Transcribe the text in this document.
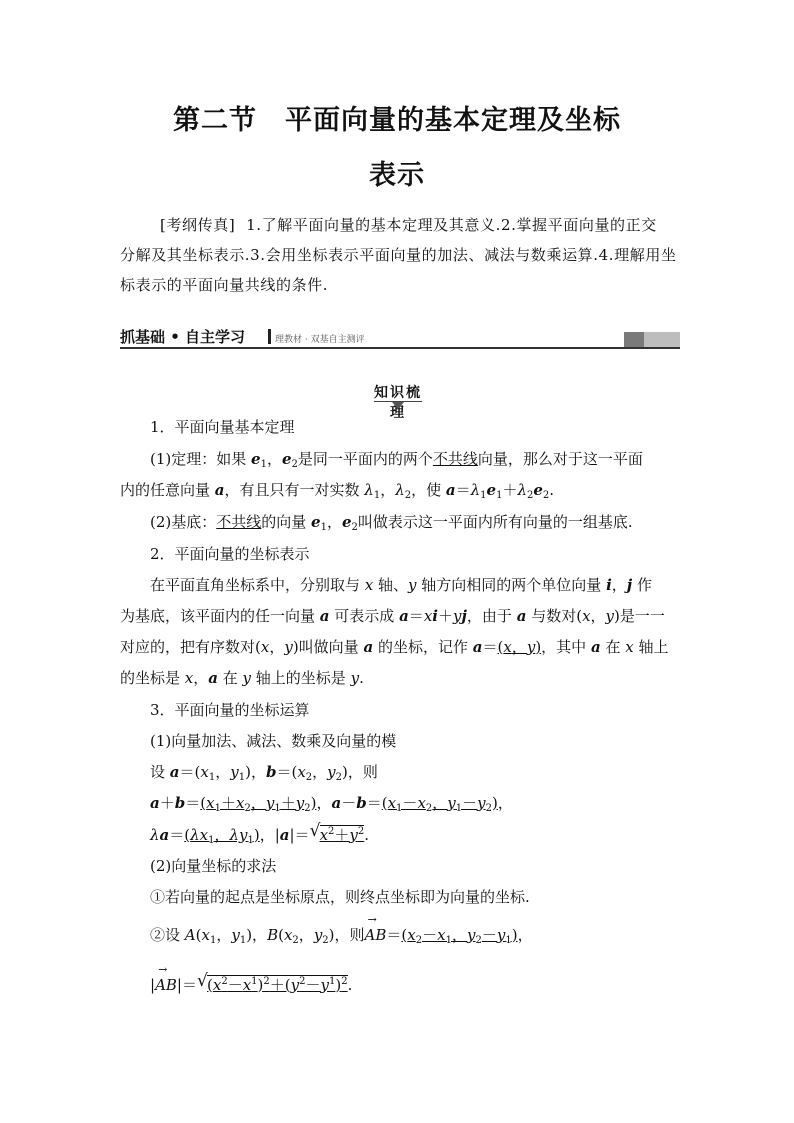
第二节 平面向量的基本定理及坐标
表示
[考纲传真] 1.了解平面向量的基本定理及其意义.2.掌握平面向量的正交
分解及其坐标表示.3.会用坐标表示平面向量的加法、减法与数乘运算.4.理解用坐
标表示的平面向量共线的条件.
抓基础 • 自主学习	理教材 · 双基自主测评
知识梳理
1．平面向量基本定理
(1)定理：如果 $e_1$，$e_2$是同一平面内的两个不共线向量，那么对于这一平面
内的任意向量 a，有且只有一对实数 $\lambda_1$，$\lambda_2$，使 $a=\lambda_1e_1+\lambda_2e_2$.
(2)基底：不共线的向量 $e_1$，$e_2$叫做表示这一平面内所有向量的一组基底.
2．平面向量的坐标表示
在平面直角坐标系中，分别取与 x 轴、y 轴方向相同的两个单位向量 i，j 作
为基底，该平面内的任一向量 a 可表示成 a＝xi＋yj，由于 a 与数对(x，y)是一一
对应的，把有序数对(x，y)叫做向量 a 的坐标，记作 a＝(x，y)，其中 a 在 x 轴上
的坐标是 x，a 在 y 轴上的坐标是 y.
3．平面向量的坐标运算
(1)向量加法、减法、数乘及向量的模
设 $a=(x_1$，$y_1$)，$b=(x_2$，$y_2$)，则
$a+b=(x_1+x_2$，$y_1+y_2$)，$a-b=(x_1-x_2$，$y_1-y_2$)，
$\lambda a=(\lambda x_1$，$\lambda y_1$)，|a|＝ √ $x^2+y^2$.
(2)向量坐标的求法
①若向量的起点是坐标原点，则终点坐标即为向量的坐标.
②设 $A(x_1$，$y_1$)，$B(x_2$，$y_2$)，则
→
$AB=(x_2-x_1$，$y_2-y_1$)，
|
→
AB|＝ √ $(x^2-x^1)^2+(y^2-y^1)^2$.
